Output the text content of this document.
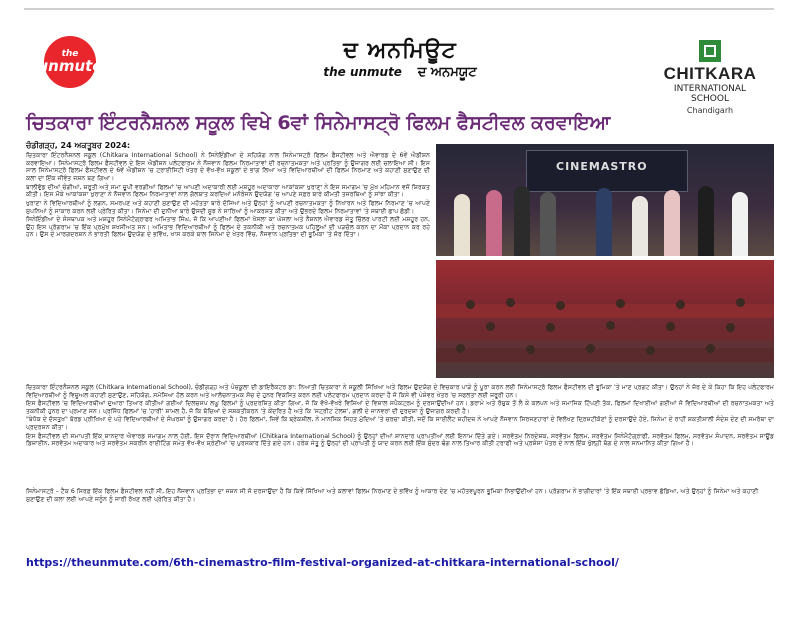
the
unmute
ਦ ਅਨਮਿਊਟ
the unmute ਦ ਅਨਮਯੂਟ	CHITKARA
INTERNATIONAL
SCHOOL
Chandigarh
ਚਿਤਕਾਰਾ ਇੰਟਰਨੈਸ਼ਨਲ ਸਕੂਲ ਵਿਖੇ 6ਵਾਂ ਸਿਨੇਮਾਸਟ੍ਰੋ ਫਿਲਮ ਫੈਸਟੀਵਲ ਕਰਵਾਇਆ
ਚੰਡੀਗੜ੍ਹ, 24 ਅਕਤੂਬਰ 2024:

ਚਿਤਕਾਰਾ ਇੰਟਰਨੈਸ਼ਨਲ ਸਕੂਲ (Chitkara International School) ਨੇ ਸਿਨੇਇੰਡੀਆ ਦੇ ਸਹਿਯੋਗ ਨਾਲ ਸਿਨੇਮਾਸਟ੍ਰੋ ਫਿਲਮ ਫੈਸਟੀਵਲ ਅਤੇ ਐਵਾਰਡ ਦੇ 6ਵੇਂ ਐਡੀਸ਼ਨ ਕਰਵਾਇਆ। ਸਿਨੇਮਾਸਟ੍ਰੋ ਫਿਲਮ ਫੈਸਟੀਵਲ ਦੇ ਇਸ ਐਡੀਸ਼ਨ ਪਲੇਟਫਾਰਮ ਨੇ ਨੌਜਵਾਨ ਫਿਲਮ ਨਿਰਮਾਤਾਵਾਂ ਦੀ ਰਚਨਾਤਮਕਤਾ ਅਤੇ ਪ੍ਰਤਿਭਾ ਨੂੰ ਉਜਾਗਰ ਲਈ ਚਲਾਇਆ ਸੀ। ਇਸ ਸਾਲ ਸਿਨੇਮਾਸਟ੍ਰੋ ਫਿਲਮ ਫੈਸਟੀਵਲ ਦੇ 6ਵੇਂ ਐਡੀਸ਼ਨ 'ਚ ਟ੍ਰਾਈਸਿਟੀ ਖੇਤਰ ਦੇ ਵੱਖ-ਵੱਖ ਸਕੂਲਾਂ ਦੇ ਭਾਗ ਲਿਆ ਅਤੇ ਵਿਦਿਆਰਥੀਆਂ ਦੀ ਫਿਲਮ ਨਿਰਮਾਣ ਅਤੇ ਕਹਾਣੀ ਸੁਣਾਉਣ ਦੀ ਕਲਾ ਦਾ ਇੱਕ ਜੀਵੰਤ ਜਸ਼ਨ ਬਣ ਗਿਆ।

ਬਾਲੀਵੁੱਡ ਦੀਆਂ ਚੰਗੀਆਂ, ਸ਼ਰੂਤੀ ਅਤੇ ਸਮਾ ਚੂਪੀ ਵਰਗੀਆਂ ਫਿਲਮਾਂ 'ਚ ਆਪਣੀ ਅਦਾਕਾਰੀ ਲਈ ਮਸ਼ਹੂਰ ਅਦਾਕਾਰਾ ਆਕਾਂਕਸ਼ਾ ਖੁਰਾਣਾ ਨੇ ਇਸ ਸਮਾਗਮ 'ਚ ਮੁੱਖ ਮਹਿਮਾਨ ਵਜੋਂ ਸ਼ਿਰਕਤ ਕੀਤੀ। ਇਸ ਮੌਕੇ ਆਕਾਂਕਸ਼ਾ ਖੁਰਾਣਾ ਨੇ ਨੌਜਵਾਨ ਫਿਲਮ ਨਿਰਮਾਤਾਵਾਂ ਨਾਲ ਗੱਲਬਾਤ ਕਰਦਿਆਂ ਮਨੋਰੰਜਨ ਉਦਯੋਗ 'ਚ ਆਪਣੇ ਸਫ਼ਰ ਬਾਰੇ ਕੀਮਤੀ ਤਜਰਬਿਆਂ ਨੂੰ ਸਾਂਝਾ ਕੀਤਾ।

ਖੁਰਾਣਾ ਨੇ ਵਿਦਿਆਰਥੀਆਂ ਨੂੰ ਲਗਨ, ਸਮਰਪਣ ਅਤੇ ਕਹਾਣੀ ਸੁਣਾਉਣ ਦੀ ਮਹੱਤਤਾ ਬਾਰੇ ਦੱਸਿਆ ਅਤੇ ਉਨ੍ਹਾਂ ਨੂੰ ਆਪਣੀ ਰਚਨਾਤਮਕਤਾ ਨੂੰ ਨਿਖਾਰਨ ਅਤੇ ਫਿਲਮ ਨਿਰਮਾਣ 'ਚ ਆਪਣੇ ਸੁਪਨਿਆਂ ਨੂੰ ਸਾਕਾਰ ਕਰਨ ਲਈ ਪ੍ਰੇਰਿਤ ਕੀਤਾ। ਸਿਨੇਮਾ ਦੀ ਦੁਨੀਆ ਬਾਰੇ ਉਸਦੀ ਸੂਝ ਨੇ ਸਾਰਿਆਂ ਨੂੰ ਆਕਰਸ਼ਤ ਕੀਤਾ ਅਤੇ ਉਭਰਦੇ ਫਿਲਮ ਨਿਰਮਾਤਾਵਾਂ 'ਤੇ ਸਥਾਈ ਛਾਪ ਛੱਡੀ।

ਸਿਨੇਇੰਡੀਆ ਦੇ ਸੰਸਥਾਪਕ ਅਤੇ ਮਸ਼ਹੂਰ ਸਿਨੇਮੈਟੋਗ੍ਰਾਫਰ ਅਮਿਤਾਭ ਸਿੰਘ, ਜੋ ਕਿ ਆਪਣੀਆਂ ਫਿਲਮਾਂ ਖੋਸਲਾ ਕਾ ਘੋਸਲਾ ਅਤੇ ਨੈਸ਼ਨਲ ਐਵਾਰਡ ਜੇਤੂ ਚਿੱਲਰ ਪਾਰਟੀ ਲਈ ਮਸ਼ਹੂਰ ਹਨ, ਉਹ ਇਸ ਪ੍ਰੋਗਰਾਮ 'ਚ ਇੱਕ ਪ੍ਰਮੁੱਖ ਸ਼ਖਸੀਅਤ ਸਨ। ਅਮਿਤਾਭ ਵਿਦਿਆਰਥੀਆਂ ਨੂੰ ਫਿਲਮ ਦੇ ਤਕਨੀਕੀ ਅਤੇ ਰਚਨਾਤਮਕ ਪਹਿਲੂਆਂ ਦੀ ਪੜਚੋਲ ਕਰਨ ਦਾ ਮੌਕਾ ਪ੍ਰਦਾਨ ਕਰ ਰਹੇ ਹਨ। ਉਸ ਦੇ ਮਾਰਗਦਰਸ਼ਨ ਨੇ ਭਾਰਤੀ ਫਿਲਮ ਉਦਯੋਗ ਦੇ ਭਵਿੱਖ, ਖਾਸ ਕਰਕੇ ਬਾਲ ਸਿਨੇਮਾ ਦੇ ਖੇਤਰ ਵਿੱਚ, ਨੌਜਵਾਨ ਪ੍ਰਤਿਭਾ ਦੀ ਭੂਮਿਕਾ 'ਤੇ ਜ਼ੋਰ ਦਿੱਤਾ।

CINEMASTRO

ਚਿਤਕਾਰਾ ਇੰਟਰਨੈਸ਼ਨਲ ਸਕੂਲ (Chitkara International School), ਚੰਡੀਗੜ੍ਹ ਅਤੇ ਪੰਚਕੂਲਾ ਦੀ ਡਾਇਰੈਕਟਰ ਡਾ: ਨਿਆਤੀ ਚਿਤਕਾਰਾ ਨੇ ਸਕੂਲੀ ਸਿੱਖਿਆ ਅਤੇ ਫਿਲਮ ਉਦਯੋਗ ਦੇ ਵਿਚਕਾਰ ਪਾੜੇ ਨੂੰ ਪੂਰਾ ਕਰਨ ਲਈ ਸਿਨੇਮਾਸਟ੍ਰੋ ਫਿਲਮ ਫੈਸਟੀਵਲ ਦੀ ਭੂਮਿਕਾ 'ਤੇ ਮਾਣ ਪ੍ਰਗਟ ਕੀਤਾ। ਉਨ੍ਹਾਂ ਨੇ ਜ਼ੋਰ ਦੇ ਕੇ ਕਿਹਾ ਕਿ ਇਹ ਪਲੇਟਫਾਰਮ ਵਿਦਿਆਰਥੀਆਂ ਨੂੰ ਵਿਜ਼ੂਅਲ ਕਹਾਣੀ ਸੁਣਾਉਣ, ਸਹਿਯੋਗ, ਸਮੱਸਿਆ ਹੱਲ ਕਰਨ ਅਤੇ ਆਲੋਚਨਾਤਮਕ ਸੋਚ ਦੇ ਹੁਨਰ ਵਿਕਸਿਤ ਕਰਨ ਲਈ ਪਲੇਟਫਾਰਮ ਪ੍ਰਦਾਨ ਕਰਦਾ ਹੈ ਜੋ ਕਿਸੇ ਵੀ ਪੇਸ਼ੇਵਰ ਖੇਤਰ 'ਚ ਸਫਲਤਾ ਲਈ ਜ਼ਰੂਰੀ ਹਨ।

ਇਸ ਫੈਸਟੀਵਲ 'ਚ ਵਿਦਿਆਰਥੀਆਂ ਦੁਆਰਾ ਤਿਆਰ ਕੀਤੀਆਂ ਗਈਆਂ ਦਿਲਚਸਪ ਲਘੂ ਫਿਲਮਾਂ ਨੂੰ ਪ੍ਰਦਰਸ਼ਿਤ ਕੀਤਾ ਗਿਆ, ਜੋ ਕਿ ਵੱਖੋ-ਵੱਖਰੇ ਵਿਸ਼ਿਆਂ ਦੇ ਵਿਸ਼ਾਲ ਸਪੈਕਟ੍ਰਮ ਨੂੰ ਦਰਸਾਉਂਦੀਆਂ ਹਨ। ਡਰਾਮੇ ਅਤੇ ਰੋਚੁਕ ਤੋਂ ਲੈ ਕੇ ਕਲਪਨ ਅਤੇ ਸਮਾਜਿਕ ਟਿੱਪਣੀ ਤੱਕ, ਫਿਲਮਾਂ ਦਿਖਾਈਆਂ ਗਈਆਂ ਜੋ ਵਿਦਿਆਰਥੀਆਂ ਦੀ ਰਚਨਾਤਮਕਤਾ ਅਤੇ ਤਕਨੀਕੀ ਹੁਨਰ ਦਾ ਪ੍ਰਮਾਣ ਸਨ। ਪ੍ਰਸਿੱਧ ਫਿਲਮਾਂ 'ਚ 'ਹਾਰੀ' ਸ਼ਾਮਲ ਹੈ, ਜੋ ਕਿ ਬੱਚਿਆਂ ਦੇ ਸਸ਼ਕਤੀਕਰਨ 'ਤੇ ਕੇਂਦਰਿਤ ਹੈ ਅਤੇ ਕਿ 'ਸਟ੍ਰੀਟ ਟੇਲਜ਼', ਗਲੀ ਦੇ ਜਾਨਵਰਾਂ ਦੀ ਦੁਰਦਸ਼ਾ ਨੂੰ ਉਜਾਗਰ ਕਰਦੀ ਹੈ।

"ਬੇਧੱਕ ਦੇ ਦੋਸਤੁਖ" ਬੋਰਡ ਪ੍ਰੀਖਿਆ ਦੇ ਪਹੇ ਵਿਦਿਆਰਥੀਆਂ ਦੇ ਸੰਘਰਸ਼ਾਂ ਨੂੰ ਉਜਾਗਰ ਕਰਦਾ ਹੈ। ਹੋਰ ਫਿਲਮਾਂ, ਜਿਵੇਂ ਕਿ ਬ੍ਰੇਕਸ਼ੀਲ, ਨੇ ਮਾਨਸਿਕ ਸਿਹਤ ਮੁੱਦਿਆਂ 'ਤੇ ਚਰਚਾ ਕੀਤੀ, ਜਦੋਂ ਕਿ ਸਾਈਲੈਂਟ ਸ਼ਹੀਦਜ਼ ਨੇ ਆਪਣੇ ਨੌਜਵਾਨ ਸਿਰਜਣਹਾਰਾਂ ਦੇ ਵਿਲੱਖਣ ਦ੍ਰਿਸ਼ਟੀਕੋਣਾਂ ਨੂੰ ਦਰਸਾਉਂਦੇ ਹੋਏ, ਸਿਨੇਮਾ ਦੇ ਰਾਹੀਂ ਸ਼ਕਤੀਸ਼ਾਲੀ ਸੰਦੇਸ਼ ਦੇਣ ਦੀ ਸਮਰੱਥਾ ਦਾ ਪ੍ਰਦਰਸ਼ਨ ਕੀਤਾ।

ਇਸ ਫੈਸਟੀਵਲ ਦੀ ਸਮਾਪਤੀ ਇੱਕ ਸ਼ਾਨਦਾਰ ਐਵਾਰਡ ਸਮਾਗਮ ਨਾਲ ਹੋਈ, ਇਸ ਦੌਰਾਨ ਵਿਦਿਆਰਥੀਆਂ (Chitkara International School) ਨੂੰ ਉਨ੍ਹਾਂ ਦੀਆਂ ਸ਼ਾਨਦਾਰ ਪ੍ਰਾਪਤੀਆਂ ਲਈ ਇਨਾਮ ਦਿੱਤੇ ਗਏ। ਸਰਵੋਤਮ ਨਿਰਦੇਸ਼ਕ, ਸਰਵੋਤਮ ਫਿਲਮ, ਸਰਵੋਤਮ ਸਿਨੇਮੈਟੋਗ੍ਰਾਫੀ, ਸਰਵੋਤਮ ਫਿਲਮ, ਸਰਵੋਤਮ ਸੰਪਾਦਨ, ਸਰਵੋਤਮ ਸਾਊਂਡ ਡਿਜ਼ਾਈਨ, ਸਰਵੋਤਮ ਅਦਾਕਾਰ ਅਤੇ ਸਰਵੋਤਮ ਸਕਰੀਨ ਰਾਈਟਿੰਗ ਸਮੇਤ ਵੱਖ-ਵੱਖ ਸ਼੍ਰੇਣੀਆਂ 'ਚ ਪੁਰਸਕਾਰ ਦਿੱਤੇ ਗਏ ਹਨ। ਹਰੇਕ ਜੇਤੂ ਨੂੰ ਉਨ੍ਹਾਂ ਦੀ ਪ੍ਰਾਪਤੀ ਨੂੰ ਯਾਦ ਕਰਨ ਲਈ ਇੱਕ ਸੁੰਦਰ ਢੰਗ ਨਾਲ ਤਿਆਰ ਕੀਤੀ ਟਰਾਫੀ ਅਤੇ ਪ੍ਰਸ਼ੰਸਾ ਪੱਤਰ ਦੇ ਨਾਲ ਇੱਕ ਖੁੱਲ੍ਹੀ ਥੱਗ ਦੇ ਨਾਲ ਸਨਮਾਨਿਤ ਕੀਤਾ ਗਿਆ ਹੈ।

ਸਿਨੇਮਾਸਟ੍ਰੋ – ਟੈਕ 6 ਸਿਰਫ਼ ਇੱਕ ਫਿਲਮ ਫੈਸਟੀਵਲ ਨਹੀਂ ਸੀ, ਇਹ ਨੌਜਵਾਨ ਪ੍ਰਤਿਭਾ ਦਾ ਜਸ਼ਨ ਸੀ ਜੋ ਦਰਸਾਉਂਦਾ ਹੈ ਕਿ ਕਿਵੇਂ ਸਿੱਖਿਆ ਅਤੇ ਕਲਾਵਾਂ ਫਿਲਮ ਨਿਰਮਾਣ ਦੇ ਭਵਿੱਖ ਨੂੰ ਆਕਾਰ ਦੇਣ 'ਚ ਮਹੱਤਵਪੂਰਨ ਭੂਮਿਕਾ ਨਿਭਾਉਂਦੀਆਂ ਹਨ। ਪ੍ਰੋਗਰਾਮ ਨੇ ਭਾਗੀਦਾਰਾਂ 'ਤੇ ਇੱਕ ਸਥਾਈ ਪ੍ਰਭਾਵ ਛੱਡਿਆ, ਅਤੇ ਉਨ੍ਹਾਂ ਨੂੰ ਸਿਨੇਮਾ ਅਤੇ ਕਹਾਣੀ ਸੁਣਾਉਣ ਦੀ ਕਲਾ ਲਈ ਆਪਣੇ ਜਨੂੰਨ ਨੂੰ ਜਾਰੀ ਰੱਖਣ ਲਈ ਪ੍ਰੇਰਿਤ ਕੀਤਾ ਹੈ।
https://theunmute.com/6th-cinemastro-film-festival-organized-at-chitkara-international-school/
